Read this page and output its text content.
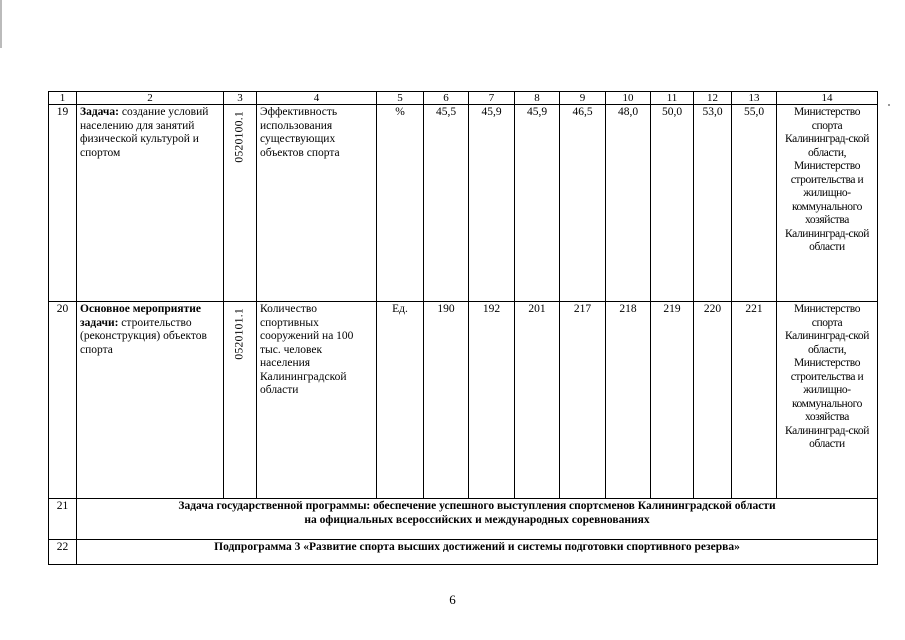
1	2	3	4	5	6	7	8	9	10	11	12	13	14
19	Задача: создание условий населению для занятий физической культурой и спортом	0520100.1	Эффективность использования существующих объектов спорта	%	45,5	45,9	45,9	46,5	48,0	50,0	53,0	55,0	Министерство спорта Калининград-ской области, Министерство строительства и жилищно-коммунального хозяйства Калининград-ской области
20	Основное мероприятие задачи: строительство (реконструкция) объектов спорта	0520101.1	Количество спортивных сооружений на 100 тыс. человек населения Калининградской области	Ед.	190	192	201	217	218	219	220	221	Министерство спорта Калининград-ской области, Министерство строительства и жилищно-коммунального хозяйства Калининград-ской области
21	Задача государственной программы: обеспечение успешного выступления спортсменов Калининградской области
на официальных всероссийских и международных соревнованиях												

22	Подпрограмма 3 «Развитие спорта высших достижений и системы подготовки спортивного резерва»												
6
